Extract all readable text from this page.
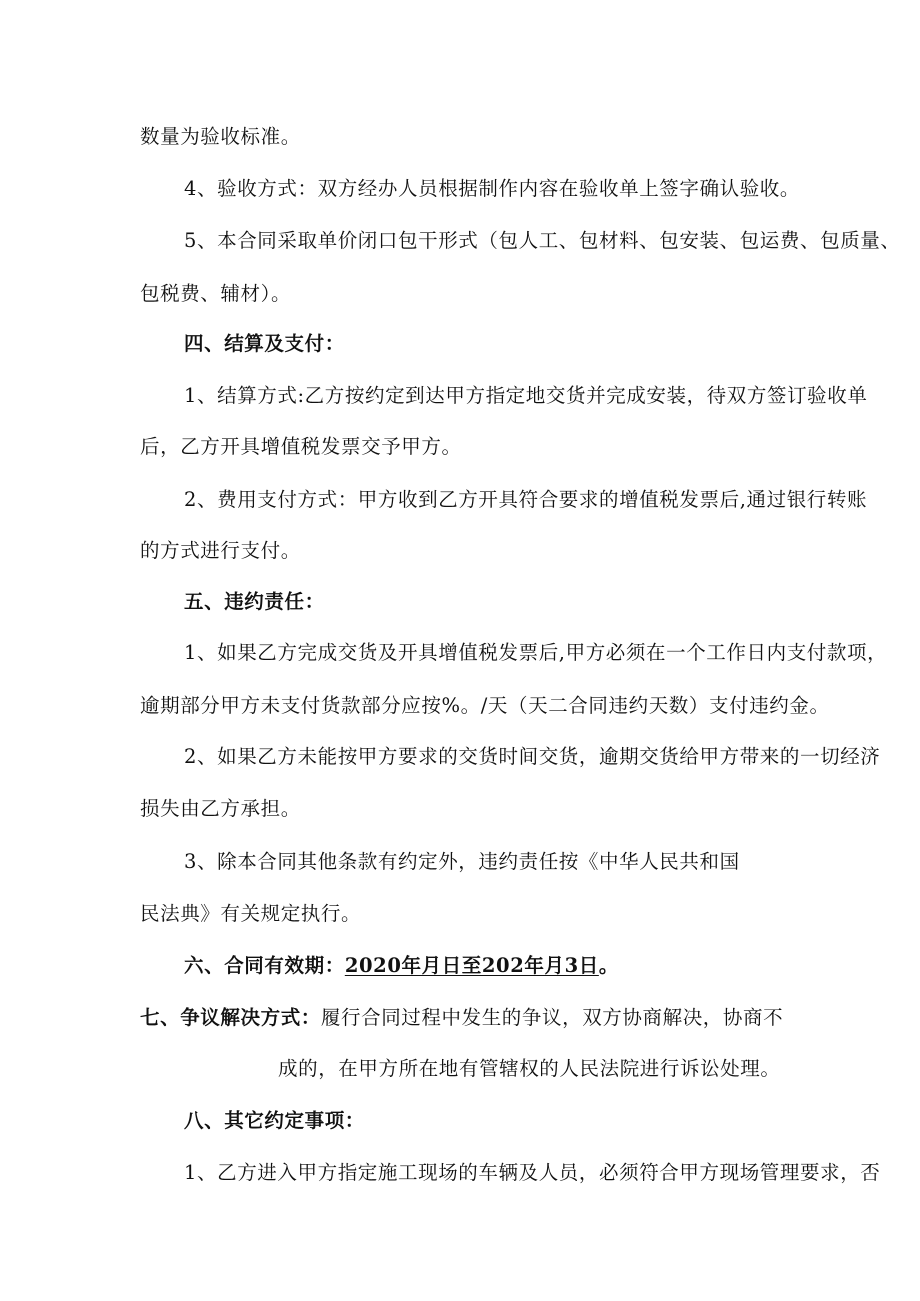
数量为验收标准。
4、验收方式：双方经办人员根据制作内容在验收单上签字确认验收。
5、本合同采取单价闭口包干形式（包人工、包材料、包安装、包运费、包质量、
包税费、辅材）。
四、结算及支付：
1、结算方式:乙方按约定到达甲方指定地交货并完成安装，待双方签订验收单
后，乙方开具增值税发票交予甲方。
2、费用支付方式：甲方收到乙方开具符合要求的增值税发票后,通过银行转账
的方式进行支付。
五、违约责任：
1、如果乙方完成交货及开具增值税发票后,甲方必须在一个工作日内支付款项，
逾期部分甲方未支付货款部分应按%。/天（天二合同违约天数）支付违约金。
2、如果乙方未能按甲方要求的交货时间交货，逾期交货给甲方带来的一切经济
损失由乙方承担。
3、除本合同其他条款有约定外，违约责任按《中华人民共和国
民法典》有关规定执行。
六、合同有效期：2020年月日至202年月3日。
七、争议解决方式：履行合同过程中发生的争议，双方协商解决，协商不
成的，在甲方所在地有管辖权的人民法院进行诉讼处理。
八、其它约定事项：
1、乙方进入甲方指定施工现场的车辆及人员，必须符合甲方现场管理要求，否
